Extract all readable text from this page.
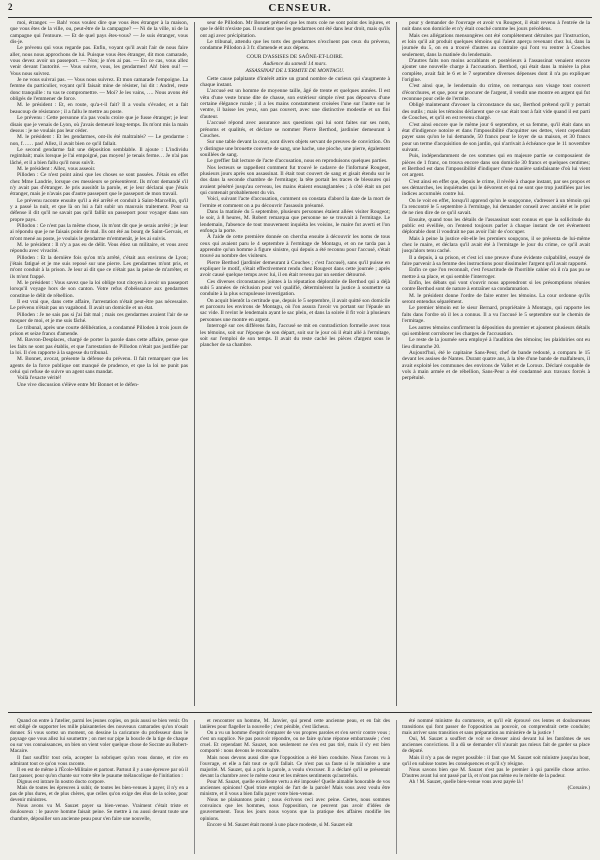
2	CENSEUR.

moi, étranger. — Bah! vous voulez dire que vous êtes étranger à la maison, que vous êtes de la ville, ou, peut-être de la campagne? — Ni de la ville, ni de la campagne qui l'entoure. — Et de quel pays êtes-vous? — Je suis étranger, vous dis-je.

Le prévenu qui vous regarde pas. Enfin, voyant qu'il avait l'air de nous faire aller, nous nous approchons de lui. Puisque vous êtes étranger, dit mon camarade, vous devez avoir un passeport. — Non; je n'en ai pas. — En ce cas, vous allez venir devant l'autorité. — Vous suivre, vous, les gendarmes! Ah! bien oui! — Vous nous suivrez.

Je ne vous suivrai pas. — Vous nous suivrez. Et mon camarade l'empoigne. La femme du particulier, voyant qu'il faisait mine de résister, lui dit : Andrel, reste donc tranquille : tu vas te compromettre. — Moi? Je les vains, …. Nous avons été obligés de l'emmener de force.

M. le président : Et, en route, qu'a-t-il fait? Il a voulu s'évader, et a fait beaucoup de résistance ; il a fallu le mettre au poste.

Le prévenu : Cette personne n'a pas voulu croire que je fusse étranger; je leur disais que je venais de Lyon, où j'avais demeuré long-temps. Ils m'ont mis la main dessus : je ne voulais pas leur céder.

M. le président : Et les gendarmes, ont-ils été maltraités? — Le gendarme : non, f…… pas! Allez, il avait bien ce qu'il fallait.

Le second gendarme fait une déposition semblable. Il ajoute : L'individu regimbait; mais lorsque je l'ai empoigné, pas moyen! je tenais ferme… Je n'ai pas lâché, et il a bien fallu qu'il nous suivît.

M. le président : Allez, vous asseoir.

Pilloden : Ce n'est point ainsi que les choses se sont passées. J'étais en effet chez Mme Landrie, lorsque ces messieurs se présentèrent. Ils m'ont demandé s'il n'y avait pas d'étranger. Je pris aussitôt la parole, et je leur déclarai que j'étais étranger, mais je n'avais pas d'autre passeport que le passeport de mon travail.

Le prévenu raconte ensuite qu'il a été arrêté et conduit à Saint-Marcellin, qu'il y a passé la nuit, et que là on lui a fait subir un mauvais traitement. Pour sa défense il dit qu'il ne savait pas qu'il fallût un passeport pour voyager dans son propre pays.

Pillodon : Ce n'est pas la même chose, ils m'ont dit que je serais arrêté ; je leur ai répondu que je ne faisais point de mal. Ils ont été au bourg de Saint-Gervais, et m'ont mené au poste, je voulais le gendarme m'emmenât, je les ai suivis.

M. le président : Il n'y a pas eu de délit. Vous étiez un militaire, et vous avez répondu avec vivacité.

Pilloden : Et la dernière fois qu'on m'a arrêté, c'était aux environs de Lyon; j'étais fatigué et je me suis reposé sur une pierre. Les gendarmes m'ont pris, et m'ont conduit à la prison. Je leur ai dit que ce n'était pas la peine de m'arrêter, et ils m'ont frappé.

M. le président : Vous savez que la loi oblige tout citoyen à avoir un passeport lorsqu'il voyage hors de son canton. Votre refus d'obéissance aux gendarmes constitue le délit de rébellion.

Il est vrai que, dans cette affaire, l'arrestation n'était peut-être pas nécessaire. Le prévenu n'était pas un vagabond. Il avait un domicile et un état.

Pilloden : Je ne sais pas si j'ai fait mal ; mais ces gendarmes avaient l'air de se moquer de moi, et je me suis fâché.

Le tribunal, après une courte délibération, a condamné Pilloden à trois jours de prison et seize francs d'amende.

M. Bavron-Desplaces, chargé de porter la parole dans cette affaire, pense que les faits ne sont pas établis, et que l'arrestation de Pillodon n'était pas justifiée par la loi. Il s'en rapporte à la sagesse du tribunal.

M. Bonnet, avocat, présente la défense du prévenu. Il fait remarquer que les agents de la force publique ont manqué de prudence, et que la loi ne punit pas celui qui refuse de suivre un agent sans mandat.

Voilà l'exacte vérité!

Une vive discussion s'élève entre Mr Bonnet et le défen-

seur de Pillodon. Mr Bonnet prétend que les mots cole ne sont point des injures, et que le délit n'existe pas. Il soutient que les gendarmes ont été dans leur droit, mais qu'ils ont agi avec précipitation.

Le tribunal, attendu que les torts des gendarmes n'excluent pas ceux du prévenu, condamne Pillodon à 3 fr. d'amende et aux dépens.

COUR D'ASSISES DE SAÔNE-ET-LOIRE.
Audience du samedi 14 mars.
ASSASSINAT DE L'ERMITE DE MONTAGU.

Cette cause palpitante d'intérêt attire un grand nombre de curieux qui s'augmente à chaque instant.

L'accusé est un homme de moyenne taille, âgé de trente et quelques années. Il est vêtu d'une veste brune dite de chasse, son extérieur simple n'est pas dépourvu d'une certaine élégance rurale ; il a les mains constamment croisées l'une sur l'autre sur le ventre, il baisse les yeux, son pas couvert, avec une distinctive modestie et un fini d'auteur.

L'accusé répond avec assurance aux questions qui lui sont faites sur ses nom, prénoms et qualités, et déclare se nommer Pierre Berthod, jardinier demeurant à Couches.

Sur une table devant la cour, sont divers objets servant de preuves de conviction. On y distingue une brouette couverte de sang, une hache, une pioche, une pierre, également souillées de sang.

Le greffier fait lecture de l'acte d'accusation, nous en reproduisons quelques parties.

Nos lecteurs se rappellent comment fut trouvé le cadavre de l'infortuné Rougeot, plusieurs jours après son assassinat. Il était tout couvert de sang et gisait étendu sur le dos dans la seconde chambre de l'ermitage; la tête portait les traces de blessures qui avaient pénétré jusqu'au cerveau, les mains étaient ensanglantées ; à côté était un pot qui contenait probablement du vin.

Voici, suivant l'acte d'accusation, comment on constata d'abord la date de la mort de l'ermite et comment on a pu découvrir l'assassin présumé.

Dans la matinée du 5 septembre, plusieurs personnes étaient allées visiter Rougeot; le soir, à 8 heures, M. Robert remarqua que personne ne se trouvait à l'ermitage. Le lendemain, l'absence de tout mouvement inquiéta les voisins, le maire fut averti et l'on enfonça la porte.

À l'aide de cette première donnée on chercha ensuite à découvrir les noms de tous ceux qui avaient paru le 4 septembre à l'ermitage de Montagu, et on ne tarda pas à apprendre qu'un homme à figure sinistre, qui depuis a été reconnu pour l'accusé, s'était trouvé au nombre des visiteurs.

Pierre Berthod (jardinier demeurant à Couches ; c'est l'accusé), sans qu'il puisse en expliquer le motif, s'était effectivement rendu chez Rougeot dans cette journée ; après avoir causé quelque temps avec lui, il en était revenu par un sentier détourné.

Ces diverses circonstances jointes à la réputation déplorable de Berthod qui a déjà subi 5 années de réclusion pour vol qualifié, déterminèrent la justice à soumettre sa conduite à la plus scrupuleuse investigation.

On acquit bientôt la certitude que, depuis le 5 septembre, il avait quitté son domicile et parcouru les environs de Montagu, où l'on assura l'avoir vu portant sur l'épaule un sac vide. Il revint le lendemain ayant le sac plein, et dans la soirée il fit voir à plusieurs personnes une montre en argent.

Interrogé sur ces différens faits, l'accusé se mit en contradiction formelle avec tous les témoins, soit sur l'époque de son départ, soit sur le jour où il était allé à l'ermitage, soit sur l'emploi de son temps. Il avait du reste caché les pièces d'argent sous le plancher de sa chambre.

pour y demander de l'ouvrage et avoir vu Rougeot, il était revenu à l'entrée de la nuit dans son domicile et n'y était couché comme les jours précédens.

Mais ces allégations mensongères ont été complètement détruites par l'instruction, et loin qu'il ait produit quelques témoins qui l'aient aperçu revenant chez lui, dans la journée du 5, on en a trouvé d'autres au contraire qui l'ont vu rentrer à Couches seulement, dans la matinée du lendemain.

D'autres faits non moins accablants et postérieurs à l'assassinat venaient encore ajouter une nouvelle charge à l'accusation. Berthod, qui était dans la misère la plus complète, avait fait le 6 et le 7 septembre diverses dépenses dont il n'a pu expliquer l'origine.

C'est ainsi que, le lendemain du crime, on remarqua son visage tout couvert d'écorchures, et que, pour se procurer de l'argent, il vendit une montre en argent qui fut reconnue pour celle de l'ermite.

Obligé maintenant d'avouer la circonstance du sac, Berthod prétend qu'il y portait des outils ; mais les témoins déclarent que ce sac était tout à fait vide quand il est parti de Couches, et qu'il en est revenu chargé.

C'est ainsi encore que le même jour 6 septembre, et sa femme, qu'il était dans un état d'indigence notoire et dans l'impossibilité d'acquitter ses dettes, vient cependant payer sans qu'on le lui demande, 50 francs pour le loyer de sa maison, et 30 francs pour un terme d'acquisition de son jardin, qui n'arrivait à échéance que le 11 novembre suivant.

Puis, indépendamment de ces sommes qui en majeure partie se composaient de pièces de 1 franc, on trouva encore dans son domicile 30 francs et quelques centimes; et Berthod est dans l'impossibilité d'indiquer d'une manière satisfaisante d'où lui vient cet argent.

C'est ainsi en effet que, depuis le crime, il révèle à chaque instant, par ses propos et ses démarches, les inquiétudes qui le dévorent et qui ne sont que trop justifiées par les indices accumulés contre lui.

On le voit en effet, lorsqu'il apprend qu'on le soupçonne, s'adresser à un témoin qui l'a rencontré le 5 septembre à l'ermitage, lui demander conseil avec anxiété et le prier de ne rien dire de ce qu'il savait.

Ensuite, quand tous les détails de l'assassinat sont connus et que la sollicitude du public est éveillée, on l'entend toujours parler à chaque instant de cet événement déplorable dont il voudrait ne pas avoir l'air de s'occuper.

Mais à peine la justice eût-elle les premiers soupçons, il se présenta de lui-même chez le maire, et déclara qu'il avait été à l'ermitage le jour du crime, ce qu'il avait jusqu'alors tenu caché.

Il a depuis, à sa prison, et c'est ici une preuve d'une évidente culpabilité, essayé de faire parvenir à sa femme des instructions pour dissimuler l'argent qu'il avait rapporté.

Enfin ce que l'on reconnaît, c'est l'exactitude de l'horrible cahier où il n'a pas pu se mettre à sa place, et qui semble l'interroger.

Enfin, les débats qui vont s'ouvrir nous apprendront si les présomptions réunies contre Berthod sont de nature à entraîner sa condamnation.

M. le président donne l'ordre de faire entrer les témoins. La cour ordonne qu'ils seront entendus séparément.

Le premier témoin est le sieur Bernard, propriétaire à Montagu, qui rapporte les faits dans l'ordre où il les a connus. Il a vu l'accusé le 5 septembre sur le chemin de l'ermitage.

Les autres témoins confirment la déposition du premier et ajoutent plusieurs détails qui semblent corroborer les charges de l'accusation.

Le reste de la journée sera employé à l'audition des témoins; les plaidoiries ont eu lieu dimanche 20.

Aujourd'hui, été le capitaine Sans-Peur, chef de bande redouté, a comparu le 15 devant les assises de Nantes. Durant quatre ans, à la tête d'une bande de malfaiteurs, il avait exploité les communes des environs de Vallet et de Loroux. Déclaré coupable de vols à main armée et de rébellion, Sans-Peur a été condamné aux travaux forcés à perpétuité.

Quand on entre à l'atelier, parmi les jeunes copies, on puis aussi se bien venir. On est obligé de supporter les mille plaisanteries des nouveaux camarades qu'on n'osait donner. Si vous sortez un moment, on dessine la caricature du professeur dans le paysage que vous allez lui soumettre ; on met sur pipe la boucle de la tige de chaque ou sur vos connaissances, on bien on vient voler quelque chose de Socrate au Robert-Macaire.

Il faut souffrir tout cela, accepter la sobriquet qu'on vous donne, et rire en admirant tout ce qu'on vous raconte.

Il en est de même à l'École-Militaire et partout. Partout il y a une épreuve par où il faut passer, pour qu'on chante sur votre tête le psaume mélancolique de l'initiation :

Dignus est intrare In nostro docto corpore.

Mais de toutes les épreuves à subir, de toutes les bien-venues à payer, il n'y en a pas de plus dures, et de plus chères, que celles qu'on exige des élus de la scène, pour devenir ministres.

Nous avons vu M. Sauzet payer sa bien-venue. Vraiment c'était triste et douloureux : le pauvre homme faisait peine. Se mettre à nu aussi devant toute une chambre, dépouiller son ancienne peau pour s'en faire une nouvelle,

et rencontrer un homme, M. Janvier, qui prend cette ancienne peau, et en fait des lanières pour flageller la nouvelle ; c'est pénible, c'est lâcheux.

On a vu un homme d'esprit s'emparer de vos propres paroles et s'en servir contre vous ; c'est un supplice. Ne pas pouvoir répondre, ou ne faire qu'une réponse embarrassée ; c'est cruel. Et cependant M. Sauzet, non seulement ne s'en est pas tiré, mais il s'y est bien comporté : nous devons le reconnaître.

Mais nous devons aussi dire que l'opposition a été bien conduite. Nous l'avons vu à l'ouvrage, et elle a fait tout ce qu'il fallait. Ce n'est pas sa faute si le ministère a une majorité. M. Sauzet, qui a pris la parole, a voulu s'excuser. Il a déclaré qu'il se présentait devant la chambre avec le même cœur et les mêmes sentiments qu'autrefois.

Pour M. Sauzet, quelle excellente vertu a été imposée! Quelle aimable honorable de vos anciennes opinions! Quel triste emploi de l'art de la parole! Mais vous avez voulu être ministre, et il vous a bien fallu payer votre bien-venue.

Nous ne plaisantons point ; nous écrivons ceci avec peine. Certes, nous sommes convaincu que les hommes, sous l'opposition, ne peuvent pas avoir d'idées de gouvernement. Tous les jours nous voyons que la pratique des affaires modifie les opinions.

Encore si M. Sauzet était monté à une place modeste, si M. Sauzet eût

été nommé ministre du commerce, et qu'il eût éprouvé ces lentes et douloureuses transitions qui font passer de l'opposition au pouvoir, on comprendrait cette conduite; mais arriver sans transition et sans préparation au ministère de la justice !

Oui, M. Sauzet a souffert de voir se dresser ainsi devant lui les fantômes de ses anciennes convictions. Il a dû se demander s'il n'aurait pas mieux fait de garder sa place de député.

Mais il n'y a pas de regret possible : il faut que M. Sauzet soit ministre jusqu'au bout, qu'il en subisse toutes les conséquences et qu'il s'y résigne.

Nous savons bien que M. Sauzet n'est pas le premier à qui pareille chose arrive. D'autres avant lui ont passé par là, et n'ont pas même eu le mérite de la pudeur.

Ah ! M. Sauzet, quelle bien-venue vous avez payée là !

(Corsaire.)
